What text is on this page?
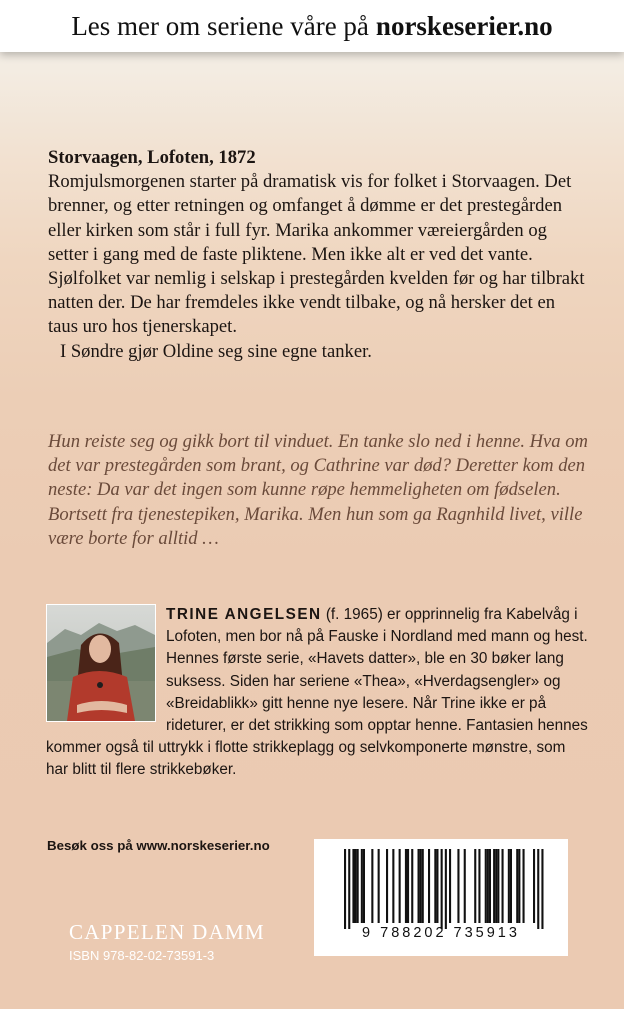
Les mer om seriene våre på norskeserier.no

Storvaagen, Lofoten, 1872

Romjulsmorgenen starter på dramatisk vis for folket i Storvaagen. Det brenner, og etter retningen og omfanget å dømme er det prestegården eller kirken som står i full fyr. Marika ankommer væreiergården og setter i gang med de faste pliktene. Men ikke alt er ved det vante. Sjølfolket var nemlig i selskap i prestegården kvelden før og har tilbrakt natten der. De har fremdeles ikke vendt tilbake, og nå hersker det en taus uro hos tjenerskapet.

I Søndre gjør Oldine seg sine egne tanker.

Hun reiste seg og gikk bort til vinduet. En tanke slo ned i henne. Hva om det var prestegården som brant, og Cathrine var død? Deretter kom den neste: Da var det ingen som kunne røpe hemmeligheten om fødselen. Bortsett fra tjenestepiken, Marika. Men hun som ga Ragnhild livet, ville være borte for alltid …

TRINE ANGELSEN (f. 1965) er opprinnelig fra Kabelvåg i Lofoten, men bor nå på Fauske i Nordland med mann og hest. Hennes første serie, «Havets datter», ble en 30 bøker lang suksess. Siden har seriene «Thea», «Hverdagsengler» og «Breidablikk» gitt henne nye lesere. Når Trine ikke er på rideturer, er det strikking som opptar henne. Fantasien hennes kommer også til uttrykk i flotte strikkeplagg og selvkomponerte mønstre, som har blitt til flere strikkebøker.
Besøk oss på www.norskeserier.no
CAPPELEN DAMM
ISBN 978-82-02-73591-3
9 788202 735913
